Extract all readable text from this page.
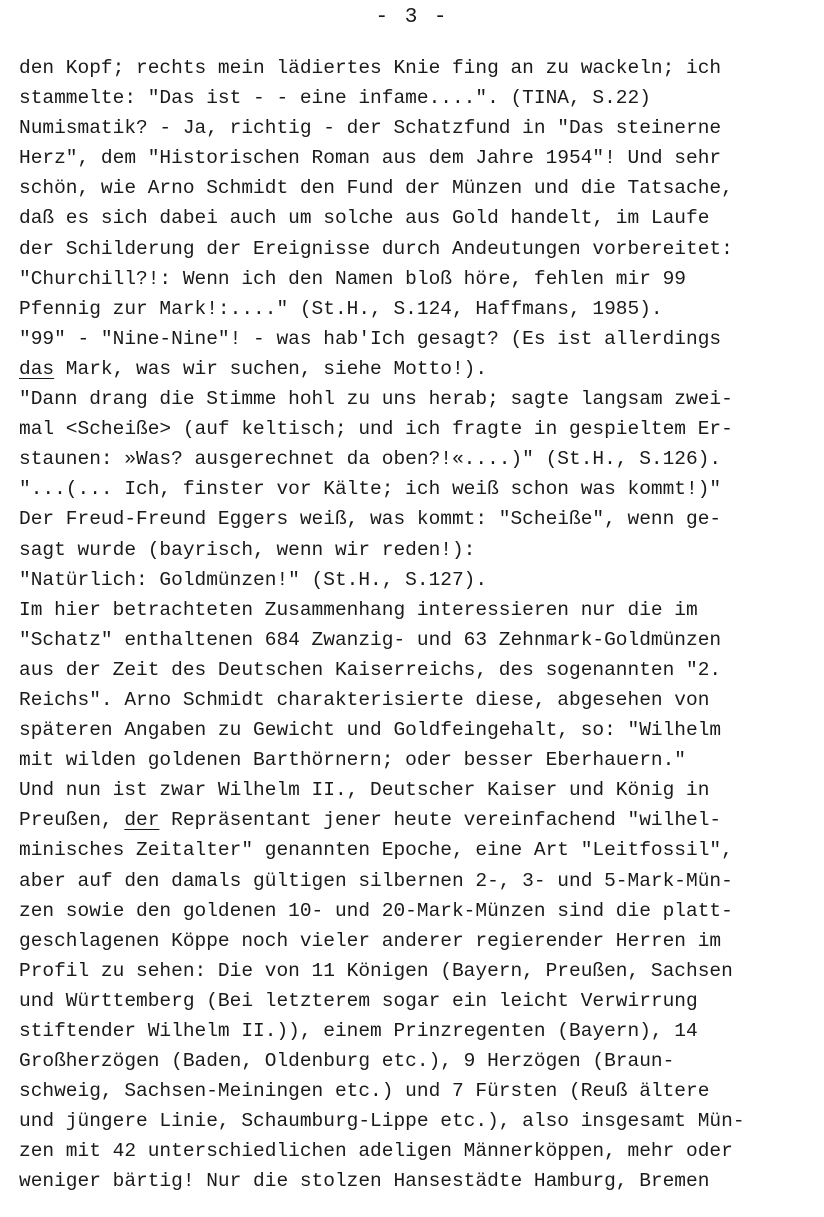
- 3 -
den Kopf; rechts mein lädiertes Knie fing an zu wackeln; ich
stammelte: "Das ist - - eine infame....". (TINA, S.22)
Numismatik? - Ja, richtig - der Schatzfund in "Das steinerne
Herz", dem "Historischen Roman aus dem Jahre 1954"! Und sehr
schön, wie Arno Schmidt den Fund der Münzen und die Tatsache,
daß es sich dabei auch um solche aus Gold handelt, im Laufe
der Schilderung der Ereignisse durch Andeutungen vorbereitet:
"Churchill?!: Wenn ich den Namen bloß höre, fehlen mir 99
Pfennig zur Mark!:...." (St.H., S.124, Haffmans, 1985).
"99" - "Nine-Nine"! - was hab'Ich gesagt? (Es ist allerdings
das Mark, was wir suchen, siehe Motto!).
"Dann drang die Stimme hohl zu uns herab; sagte langsam zwei-
mal <Scheiße> (auf keltisch; und ich fragte in gespieltem Er-
staunen: »Was? ausgerechnet da oben?!«....)" (St.H., S.126).
"...(... Ich, finster vor Kälte; ich weiß schon was kommt!)"
Der Freud-Freund Eggers weiß, was kommt: "Scheiße", wenn ge-
sagt wurde (bayrisch, wenn wir reden!):
"Natürlich: Goldmünzen!" (St.H., S.127).
Im hier betrachteten Zusammenhang interessieren nur die im
"Schatz" enthaltenen 684 Zwanzig- und 63 Zehnmark-Goldmünzen
aus der Zeit des Deutschen Kaiserreichs, des sogenannten "2.
Reichs". Arno Schmidt charakterisierte diese, abgesehen von
späteren Angaben zu Gewicht und Goldfeingehalt, so: "Wilhelm
mit wilden goldenen Barthörnern; oder besser Eberhauern."
Und nun ist zwar Wilhelm II., Deutscher Kaiser und König in
Preußen, der Repräsentant jener heute vereinfachend "wilhel-
minisches Zeitalter" genannten Epoche, eine Art "Leitfossil",
aber auf den damals gültigen silbernen 2-, 3- und 5-Mark-Mün-
zen sowie den goldenen 10- und 20-Mark-Münzen sind die platt-
geschlagenen Köppe noch vieler anderer regierender Herren im
Profil zu sehen: Die von 11 Königen (Bayern, Preußen, Sachsen
und Württemberg (Bei letzterem sogar ein leicht Verwirrung
stiftender Wilhelm II.)), einem Prinzregenten (Bayern), 14
Großherzögen (Baden, Oldenburg etc.), 9 Herzögen (Braun-
schweig, Sachsen-Meiningen etc.) und 7 Fürsten (Reuß ältere
und jüngere Linie, Schaumburg-Lippe etc.), also insgesamt Mün-
zen mit 42 unterschiedlichen adeligen Männerköppen, mehr oder
weniger bärtig! Nur die stolzen Hansestädte Hamburg, Bremen
